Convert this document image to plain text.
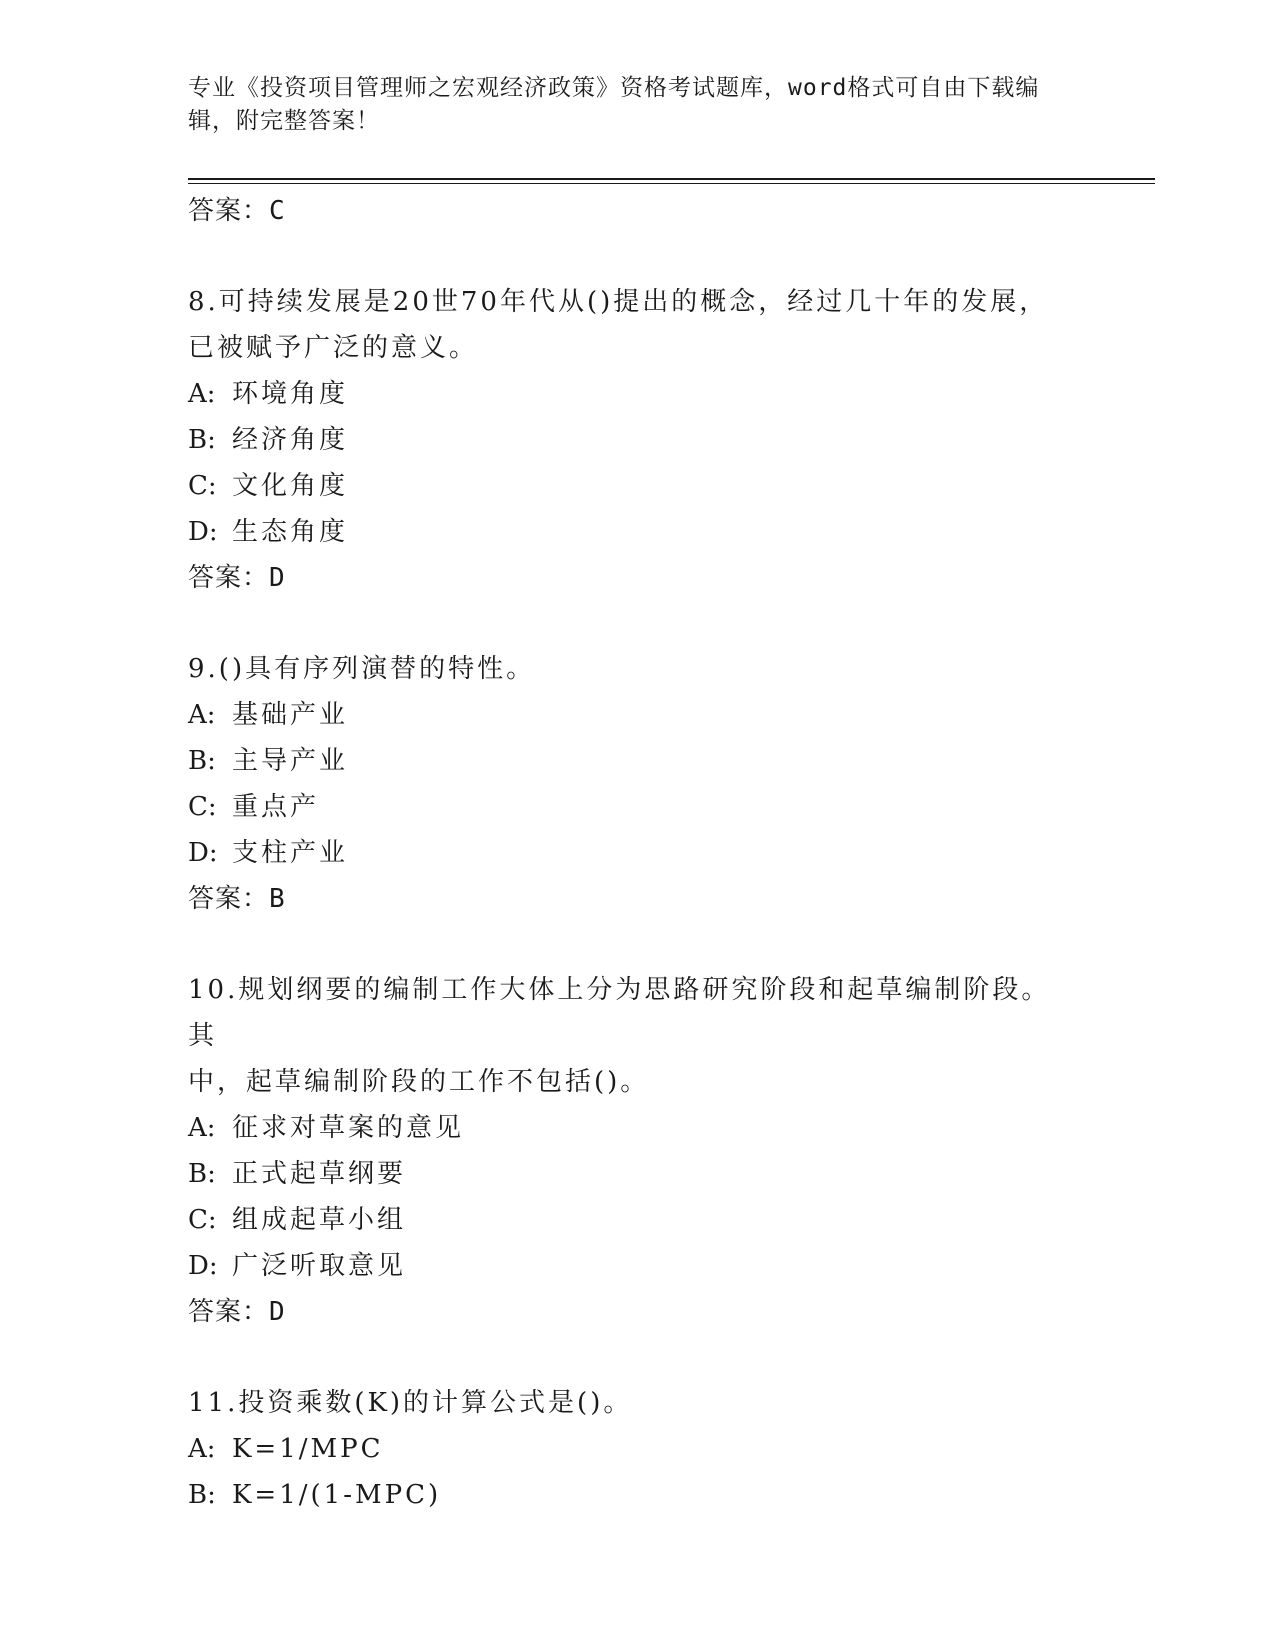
专业《投资项目管理师之宏观经济政策》资格考试题库，word格式可自由下载编
辑，附完整答案！
答案：C
8.可持续发展是20世70年代从()提出的概念，经过几十年的发展，
已被赋予广泛的意义。
A: 环境角度
B: 经济角度
C: 文化角度
D: 生态角度
答案：D
9.()具有序列演替的特性。
A: 基础产业
B: 主导产业
C: 重点产
D: 支柱产业
答案：B
10.规划纲要的编制工作大体上分为思路研究阶段和起草编制阶段。其
中，起草编制阶段的工作不包括()。
A: 征求对草案的意见
B: 正式起草纲要
C: 组成起草小组
D: 广泛听取意见
答案：D
11.投资乘数(K)的计算公式是()。
A: K=1/MPC
B: K=1/(1-MPC)
